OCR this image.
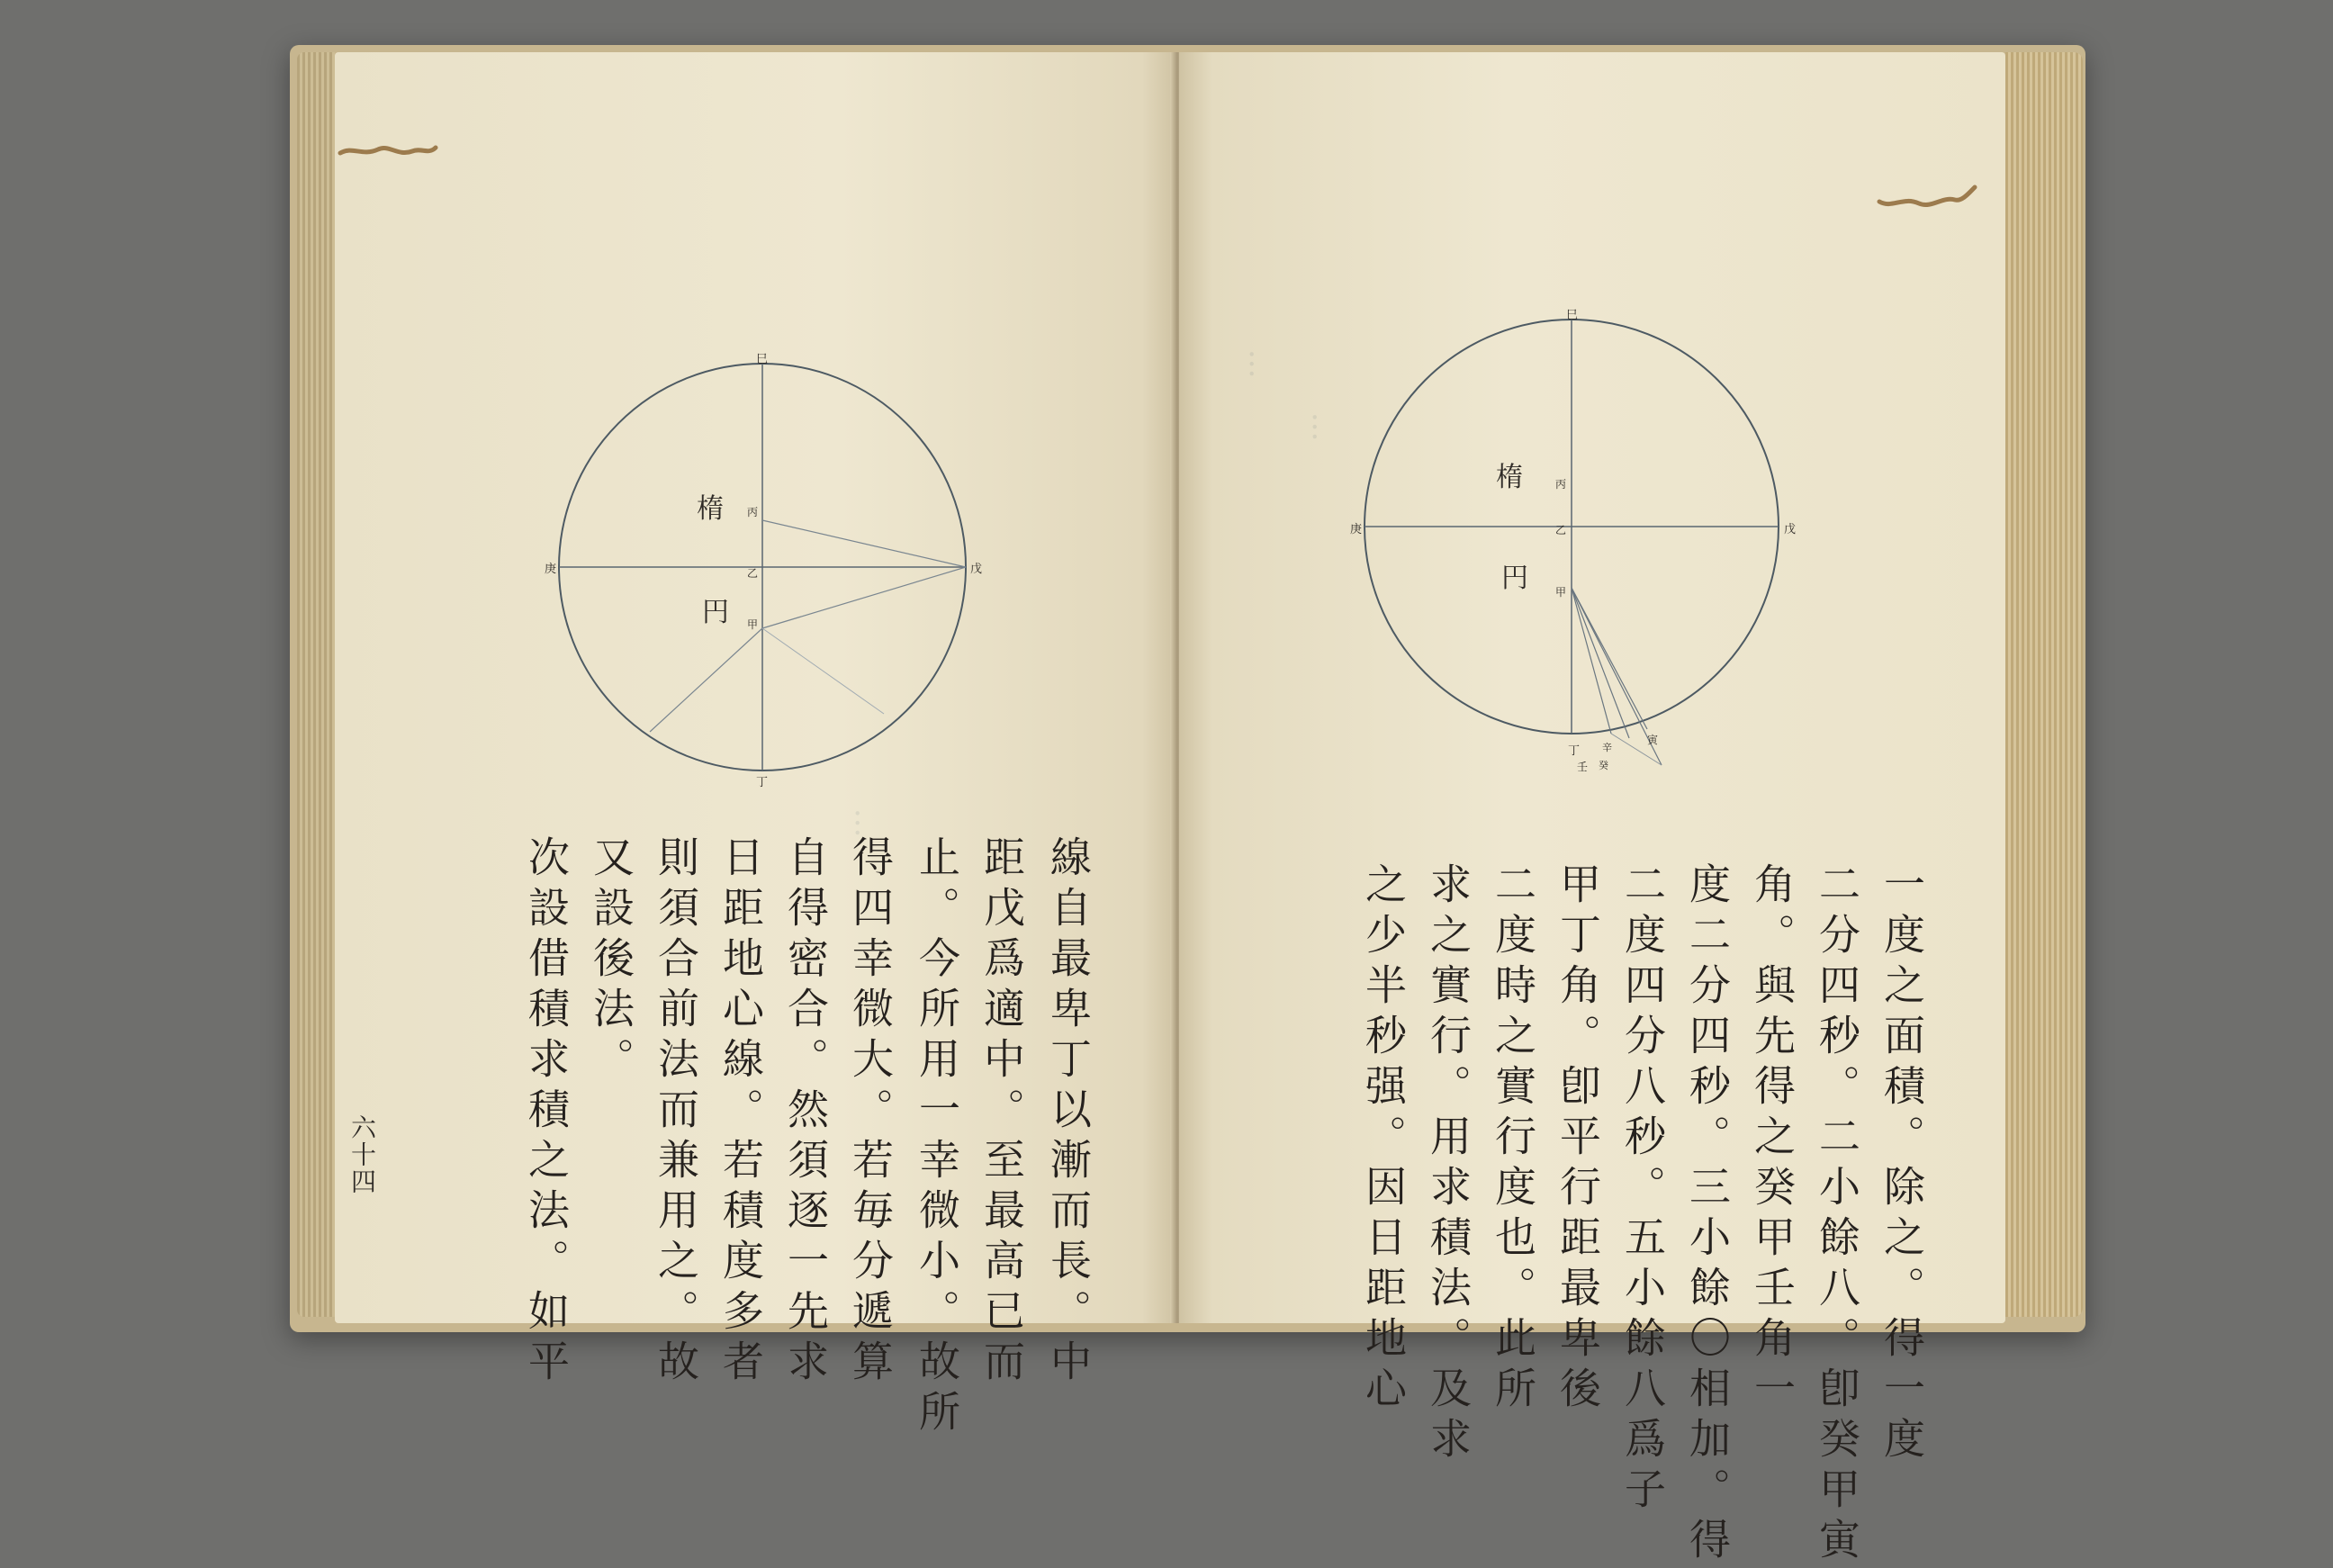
···
巳
庚	戊
丁
丙
乙
甲
楕
円
線自最卑丁以漸而長。中
距戊爲適中。至最高已而
止。今所用一幸微小。故所
得四幸微大。若毎分遞算
自得密合。然須逐一先求
日距地心線。若積度多者
則須合前法而兼用之。故
又設後法。
次設借積求積之法。如平
六十四
···
···
巳
庚	戊
丁
丙
乙
甲
壬 癸
辛
寅
楕
円
一度之面積。除之。得一度
二分四秒。二小餘八。卽癸甲寅
角。與先得之癸甲壬角一
度二分四秒。三小餘〇相加。得
二度四分八秒。五小餘八爲子
甲丁角。卽平行距最卑後
二度時之實行度也。此所
求之實行。用求積法。及求
之少半秒强。因日距地心
